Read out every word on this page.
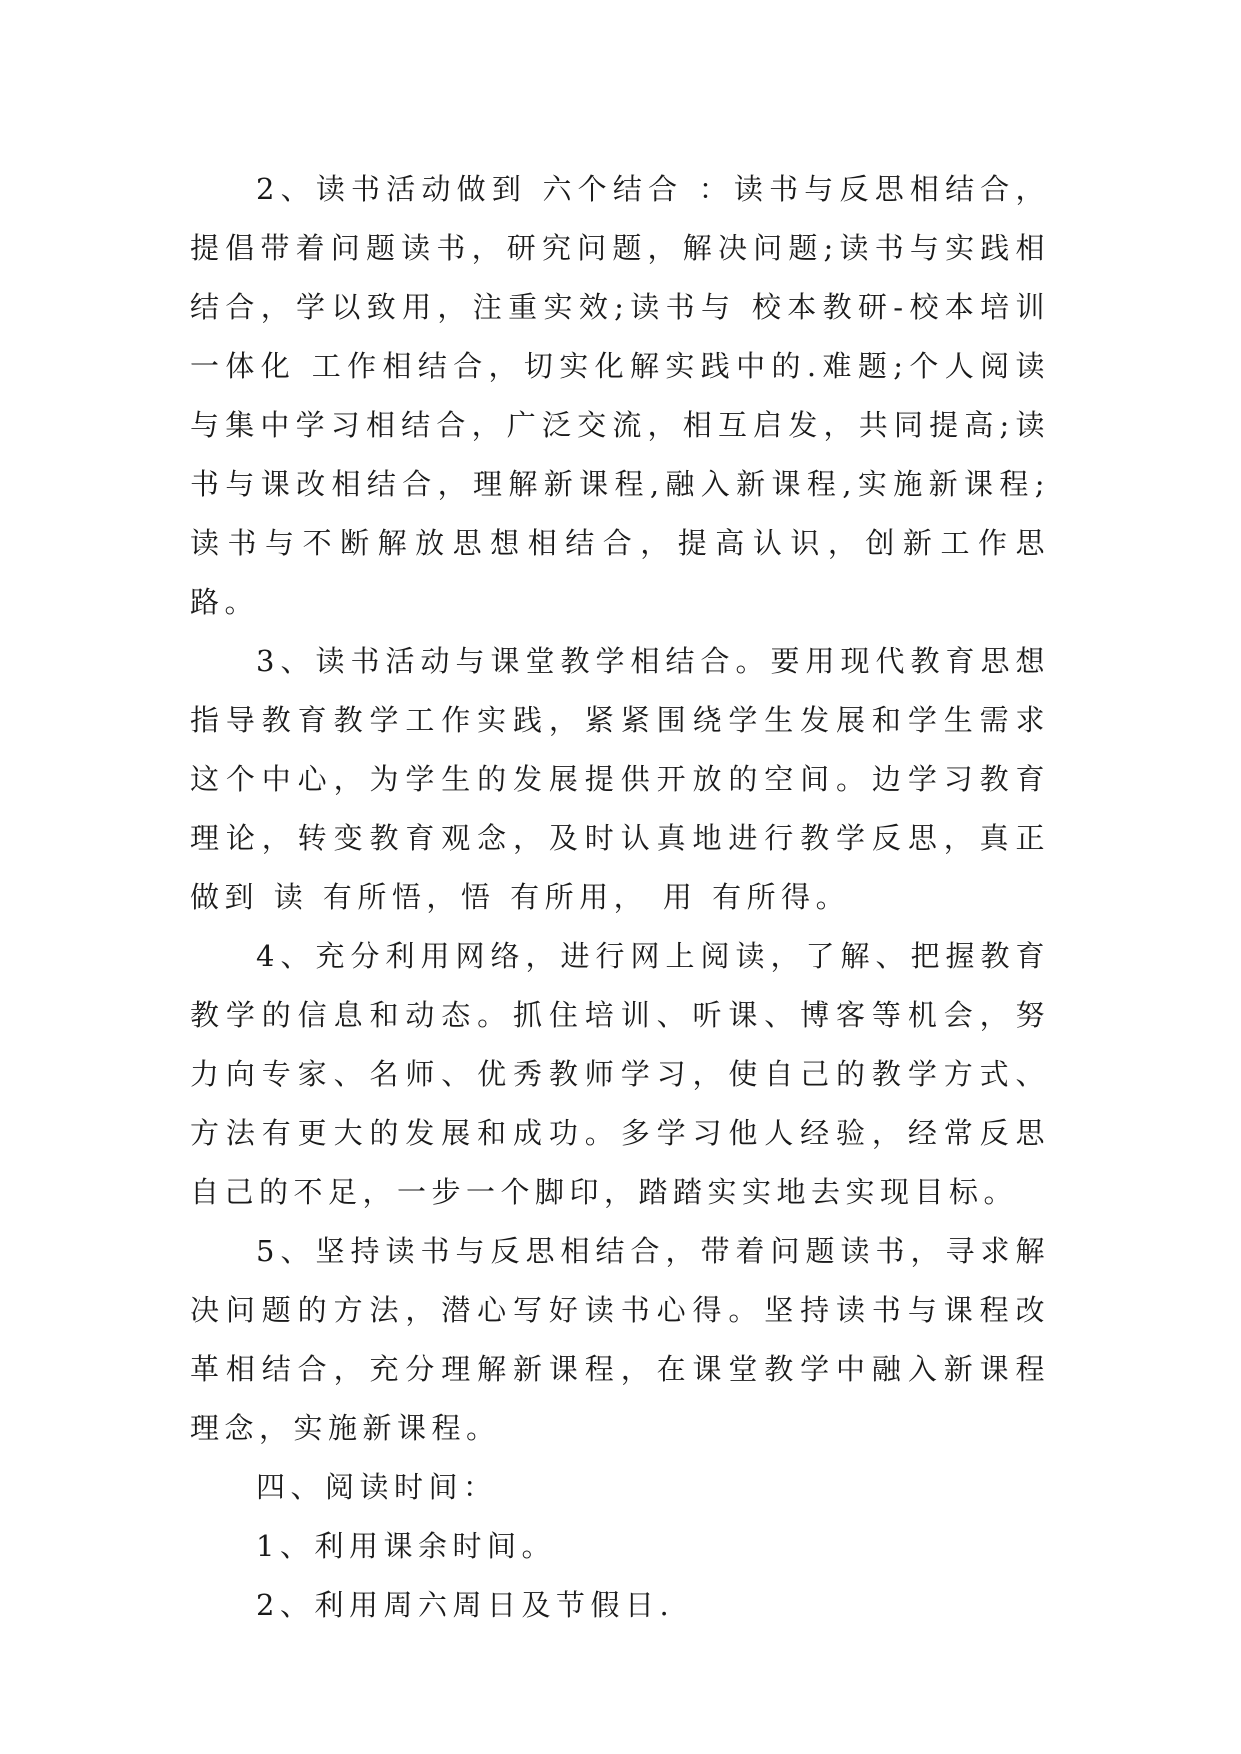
2、读书活动做到 六个结合 ：读书与反思相结合，提倡带着问题读书，研究问题，解决问题;读书与实践相结合，学以致用，注重实效;读书与 校本教研-校本培训一体化 工作相结合，切实化解实践中的.难题;个人阅读与集中学习相结合，广泛交流，相互启发，共同提高;读书与课改相结合，理解新课程,融入新课程,实施新课程;读书与不断解放思想相结合，提高认识，创新工作思路。

3、读书活动与课堂教学相结合。要用现代教育思想指导教育教学工作实践，紧紧围绕学生发展和学生需求这个中心，为学生的发展提供开放的空间。边学习教育理论，转变教育观念，及时认真地进行教学反思，真正做到 读 有所悟，悟 有所用， 用 有所得。

4、充分利用网络，进行网上阅读，了解、把握教育教学的信息和动态。抓住培训、听课、博客等机会，努力向专家、名师、优秀教师学习，使自己的教学方式、方法有更大的发展和成功。多学习他人经验，经常反思自己的不足，一步一个脚印，踏踏实实地去实现目标。

5、坚持读书与反思相结合，带着问题读书，寻求解决问题的方法，潜心写好读书心得。坚持读书与课程改革相结合，充分理解新课程，在课堂教学中融入新课程理念，实施新课程。

四、阅读时间：

1、利用课余时间。

2、利用周六周日及节假日.
